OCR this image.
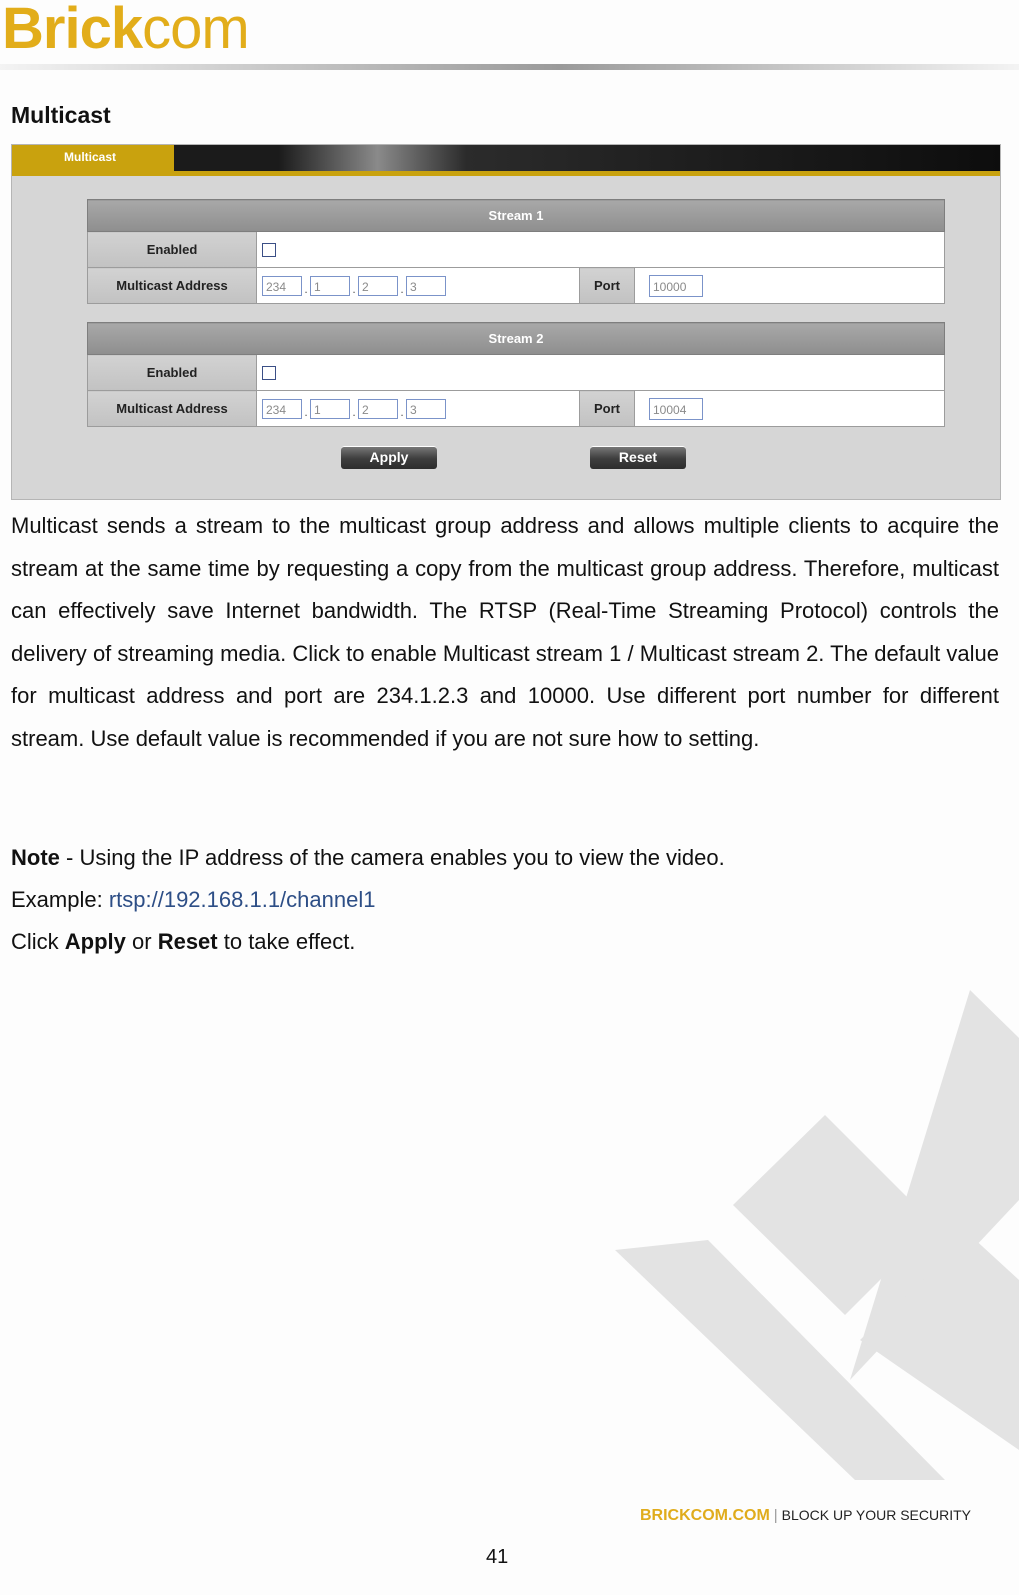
Brickcom
Multicast
Multicast
Stream 1			
Enabled			
Multicast Address	234 . 1 . 2 . 3	Port	10000
Stream 2			
Enabled			
Multicast Address	234 . 1 . 2 . 3	Port	10004
Apply	Reset
Multicast sends a stream to the multicast group address and allows multiple clients to acquire the stream at the same time by requesting a copy from the multicast group address. Therefore, multicast can effectively save Internet bandwidth. The RTSP (Real-Time Streaming Protocol) controls the delivery of streaming media. Click to enable Multicast stream 1 / Multicast stream 2. The default value for multicast address and port are 234.1.2.3 and 10000. Use different port number for different stream. Use default value is recommended if you are not sure how to setting.
Note - Using the IP address of the camera enables you to view the video.
Example: rtsp://192.168.1.1/channel1
Click Apply or Reset to take effect.
BRICKCOM.COM | BLOCK UP YOUR SECURITY
41
